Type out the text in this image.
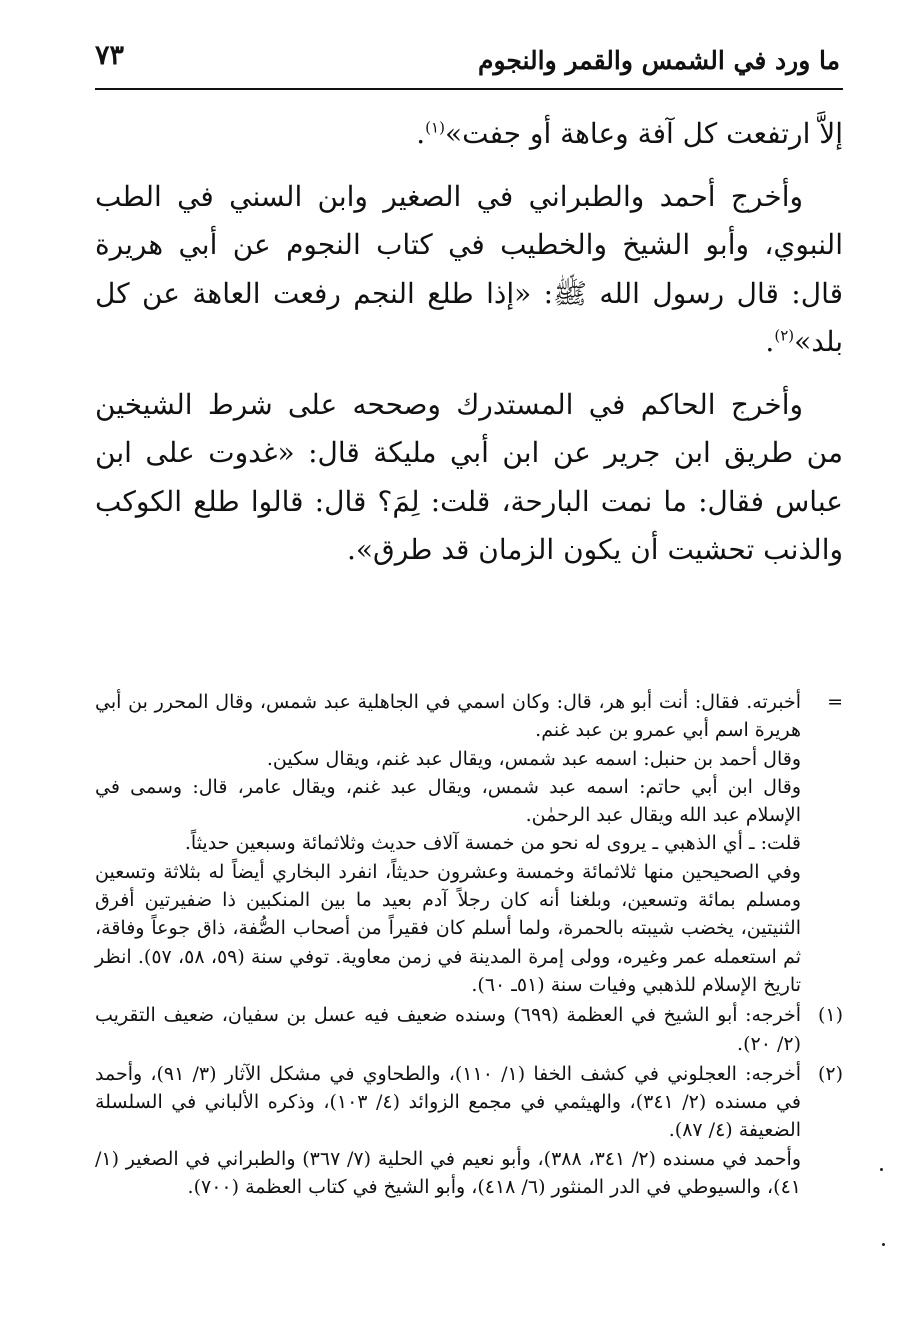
ما ورد في الشمس والقمر والنجوم
٧٣

إلاَّ ارتفعت كل آفة وعاهة أو جفت»$^{(١)}$.

وأخرج أحمد والطبراني في الصغير وابن السني في الطب النبوي، وأبو الشيخ والخطيب في كتاب النجوم عن أبي هريرة قال: قال رسول الله ﷺ: «إذا طلع النجم رفعت العاهة عن كل بلد»$^{(٢)}$.

وأخرج الحاكم في المستدرك وصححه على شرط الشيخين من طريق ابن جرير عن ابن أبي مليكة قال: «غدوت على ابن عباس فقال: ما نمت البارحة، قلت: لِمَ؟ قال: قالوا طلع الكوكب والذنب تحشيت أن يكون الزمان قد طرق».

=

أخبرته. فقال: أنت أبو هر، قال: وكان اسمي في الجاهلية عبد شمس، وقال المحرر بن أبي هريرة اسم أبي عمرو بن عبد غنم.

وقال أحمد بن حنبل: اسمه عبد شمس، ويقال عبد غنم، ويقال سكين.

وقال ابن أبي حاتم: اسمه عبد شمس، ويقال عبد غنم، ويقال عامر، قال: وسمى في الإسلام عبد الله ويقال عبد الرحمٰن.

قلت: ـ أي الذهبي ـ يروى له نحو من خمسة آلاف حديث وثلاثمائة وسبعين حديثاً.

وفي الصحيحين منها ثلاثمائة وخمسة وعشرون حديثاً، انفرد البخاري أيضاً له بثلاثة وتسعين ومسلم بمائة وتسعين، وبلغنا أنه كان رجلاً آدم بعيد ما بين المنكبين ذا ضفيرتين أفرق الثنيتين، يخضب شيبته بالحمرة، ولما أسلم كان فقيراً من أصحاب الصُّفة، ذاق جوعاً وفاقة، ثم استعمله عمر وغيره، وولى إمرة المدينة في زمن معاوية. توفي سنة (٥٩، ٥٨، ٥٧). انظر تاريخ الإسلام للذهبي وفيات سنة (٥١ـ ٦٠).

(١)

أخرجه: أبو الشيخ في العظمة (٦٩٩) وسنده ضعيف فيه عسل بن سفيان، ضعيف التقريب (٢/ ٢٠).

(٢)

أخرجه: العجلوني في كشف الخفا (١/ ١١٠)، والطحاوي في مشكل الآثار (٣/ ٩١)، وأحمد في مسنده (٢/ ٣٤١)، والهيثمي في مجمع الزوائد (٤/ ١٠٣)، وذكره الألباني في السلسلة الضعيفة (٤/ ٨٧).

وأحمد في مسنده (٢/ ٣٤١، ٣٨٨)، وأبو نعيم في الحلية (٧/ ٣٦٧) والطبراني في الصغير (١/ ٤١)، والسيوطي في الدر المنثور (٦/ ٤١٨)، وأبو الشيخ في كتاب العظمة (٧٠٠).
